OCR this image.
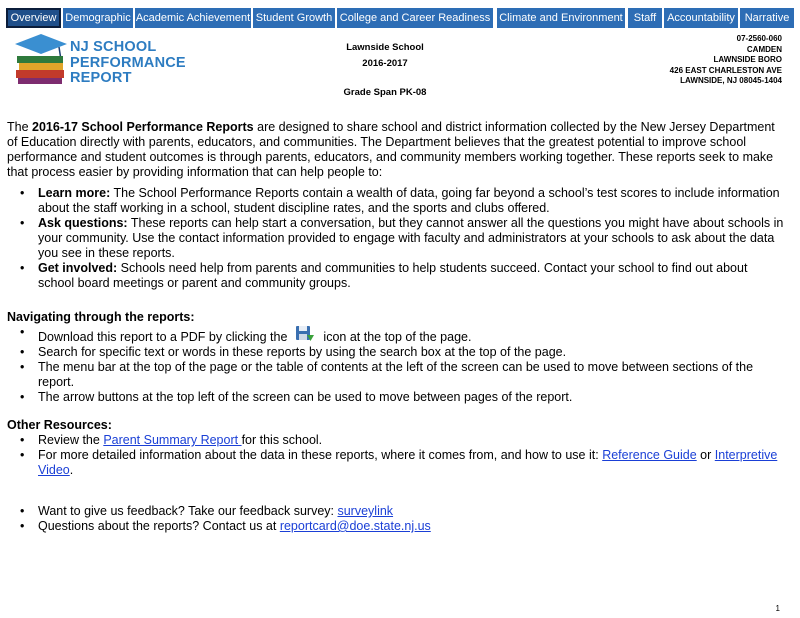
Overview Demographic Academic Achievement Student Growth College and Career Readiness Climate and Environment	Staff Accountability Narrative
NJ SCHOOL
PERFORMANCE
REPORT
Lawnside School
2016-2017
Grade Span PK-08
07-2560-060
CAMDEN
LAWNSIDE BORO
426 EAST CHARLESTON AVE
LAWNSIDE, NJ 08045-1404

The 2016-17 School Performance Reports are designed to share school and district information collected by the New Jersey Department of Education directly with parents, educators, and communities. The Department believes that the greatest potential to improve school performance and student outcomes is through parents, educators, and community members working together. These reports seek to make that process easier by providing information that can help people to:

• Learn more: The School Performance Reports contain a wealth of data, going far beyond a school’s test scores to include information about the staff working in a school, student discipline rates, and the sports and clubs offered.
• Ask questions: These reports can help start a conversation, but they cannot answer all the questions you might have about schools in your community. Use the contact information provided to engage with faculty and administrators at your schools to ask about the data you see in these reports.
• Get involved: Schools need help from parents and communities to help students succeed. Contact your school to find out about school board meetings or parent and community groups.
Navigating through the reports:
• Download this report to a PDF by clicking the	icon at the top of the page.
• Search for specific text or words in these reports by using the search box at the top of the page.
• The menu bar at the top of the page or the table of contents at the left of the screen can be used to move between sections of the report.
• The arrow buttons at the top left of the screen can be used to move between pages of the report.
Other Resources:
• Review the Parent Summary Report for this school.
• For more detailed information about the data in these reports, where it comes from, and how to use it: Reference Guide or Interpretive Video.
• Want to give us feedback? Take our feedback survey: surveylink
• Questions about the reports? Contact us at reportcard@doe.state.nj.us
1
